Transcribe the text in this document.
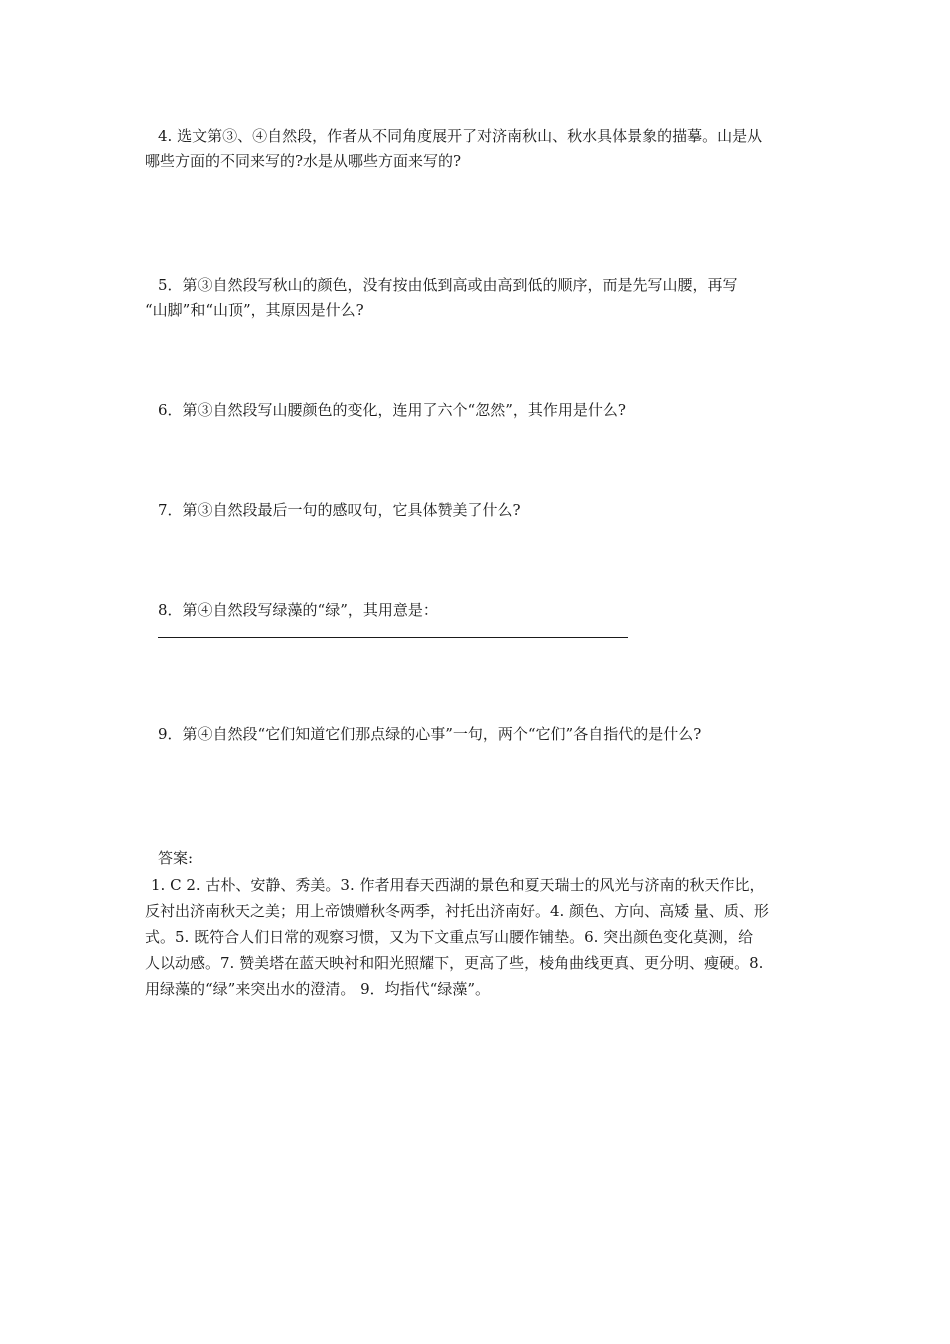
4. 选文第③、④自然段，作者从不同角度展开了对济南秋山、秋水具体景象的描摹。山是从
哪些方面的不同来写的?水是从哪些方面来写的?
5．第③自然段写秋山的颜色，没有按由低到高或由高到低的顺序，而是先写山腰，再写
“山脚”和“山顶”，其原因是什么?
6．第③自然段写山腰颜色的变化，连用了六个“忽然”，其作用是什么?
7．第③自然段最后一句的感叹句，它具体赞美了什么?
8．第④自然段写绿藻的“绿”，其用意是：
9．第④自然段“它们知道它们那点绿的心事”一句，两个“它们”各自指代的是什么?
答案:
1. C 2. 古朴、安静、秀美。3. 作者用春天西湖的景色和夏天瑞士的风光与济南的秋天作比，
反衬出济南秋天之美；用上帝馈赠秋冬两季，衬托出济南好。4. 颜色、方向、高矮 量、质、形
式。5. 既符合人们日常的观察习惯，又为下文重点写山腰作铺垫。6. 突出颜色变化莫测，给
人以动感。7. 赞美塔在蓝天映衬和阳光照耀下，更高了些，棱角曲线更真、更分明、瘦硬。8.
用绿藻的“绿”来突出水的澄清。 9．均指代“绿藻”。
